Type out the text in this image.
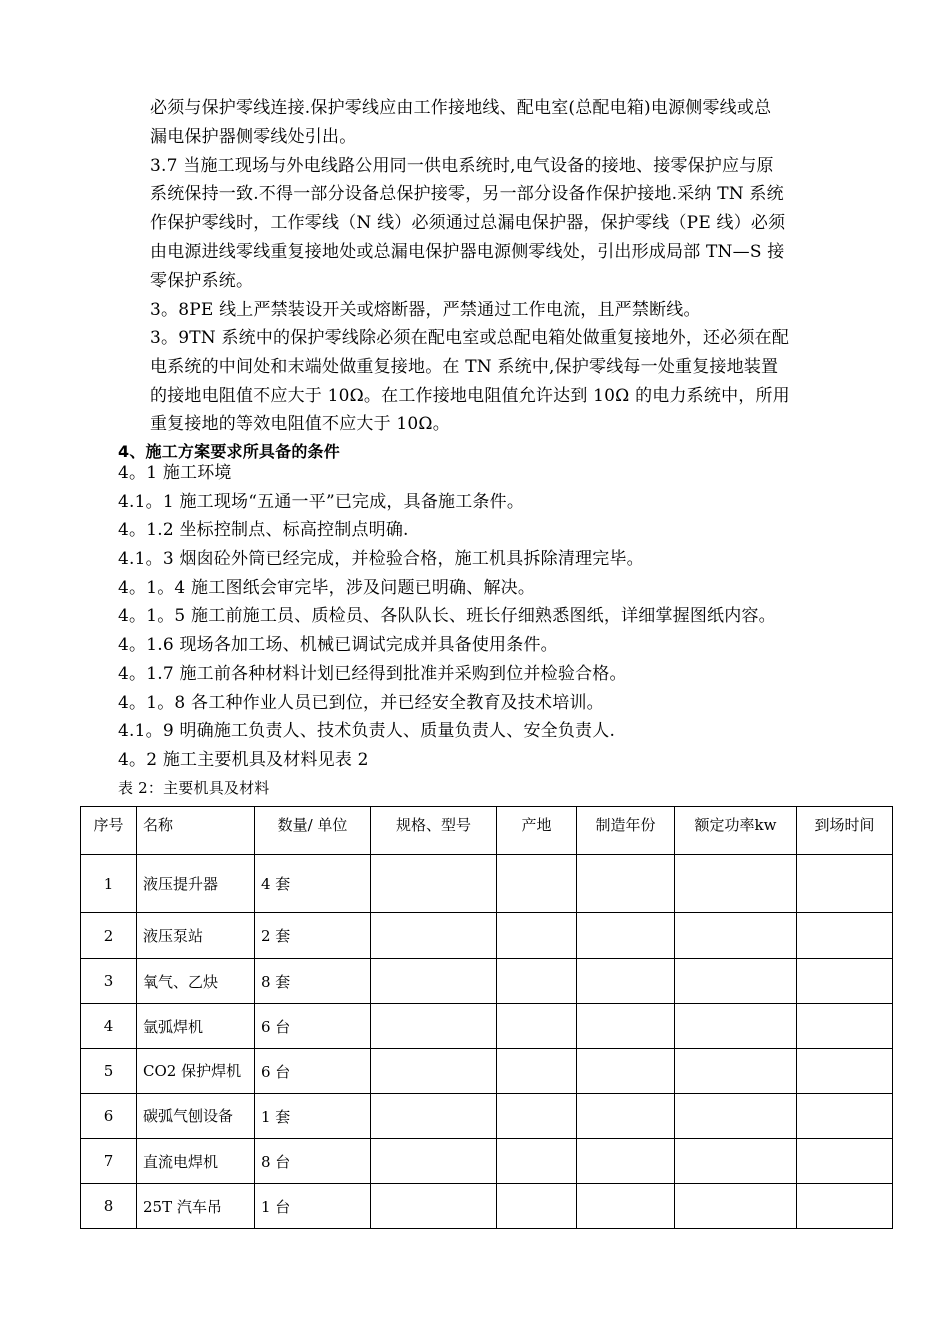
必须与保护零线连接.保护零线应由工作接地线、配电室(总配电箱)电源侧零线或总
漏电保护器侧零线处引出。
3.7 当施工现场与外电线路公用同一供电系统时,电气设备的接地、接零保护应与原
系统保持一致.不得一部分设备总保护接零，另一部分设备作保护接地.采纳 TN 系统
作保护零线时，工作零线（N 线）必须通过总漏电保护器，保护零线（PE 线）必须
由电源进线零线重复接地处或总漏电保护器电源侧零线处，引出形成局部 TN—S 接
零保护系统。
3。8PE 线上严禁装设开关或熔断器，严禁通过工作电流，且严禁断线。
3。9TN 系统中的保护零线除必须在配电室或总配电箱处做重复接地外，还必须在配
电系统的中间处和末端处做重复接地。在 TN 系统中,保护零线每一处重复接地装置
的接地电阻值不应大于 10Ω。在工作接地电阻值允许达到 10Ω 的电力系统中，所用
重复接地的等效电阻值不应大于 10Ω。
4、施工方案要求所具备的条件
4。1 施工环境
4.1。1 施工现场“五通一平”已完成，具备施工条件。
4。1.2 坐标控制点、标高控制点明确.
4.1。3 烟囱砼外筒已经完成，并检验合格，施工机具拆除清理完毕。
4。1。4 施工图纸会审完毕，涉及问题已明确、解决。
4。1。5 施工前施工员、质检员、各队队长、班长仔细熟悉图纸，详细掌握图纸内容。
4。1.6 现场各加工场、机械已调试完成并具备使用条件。
4。1.7 施工前各种材料计划已经得到批准并采购到位并检验合格。
4。1。8 各工种作业人员已到位，并已经安全教育及技术培训。
4.1。9 明确施工负责人、技术负责人、质量负责人、安全负责人.
4。2 施工主要机具及材料见表 2
表 2：主要机具及材料
序号	名称	数量/ 单位	规格、型号	产地	制造年份	额定功率kw	到场时间

1	液压提升器	4 套					
2	液压泵站	2 套					
3	氧气、乙炔	8 套					
4	氩弧焊机	6 台					
5	CO2 保护焊机	6 台					
6	碳弧气刨设备	1 套					
7	直流电焊机	8 台					
8	25T 汽车吊	1 台					
